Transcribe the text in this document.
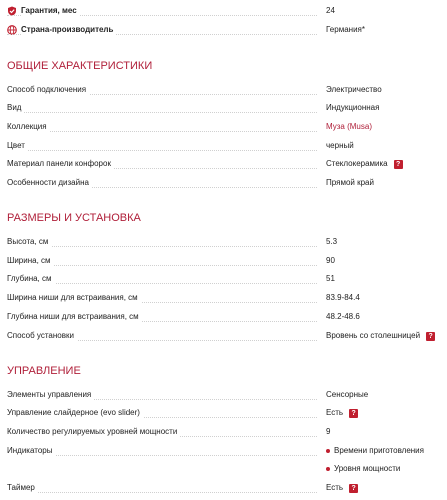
Гарантия, мес	24
Страна-производитель	Германия*
ОБЩИЕ ХАРАКТЕРИСТИКИ
Способ подключения	Электричество
Вид	Индукционная
Коллекция	Муза (Musa)
Цвет	черный
Материал панели конфорок	Стеклокерамика	?
Особенности дизайна	Прямой край
РАЗМЕРЫ И УСТАНОВКА
Высота, см	5.3
Ширина, см	90
Глубина, см	51
Ширина ниши для встраивания, см	83.9-84.4
Глубина ниши для встраивания, см	48.2-48.6
Способ установки	Вровень со столешницей	?
УПРАВЛЕНИЕ
Элементы управления	Сенсорные
Управление слайдерное (evo slider)	Есть	?
Количество регулируемых уровней мощности	9
Индикаторы	Времени приготовления
Уровня мощности
Таймер	Есть	?
